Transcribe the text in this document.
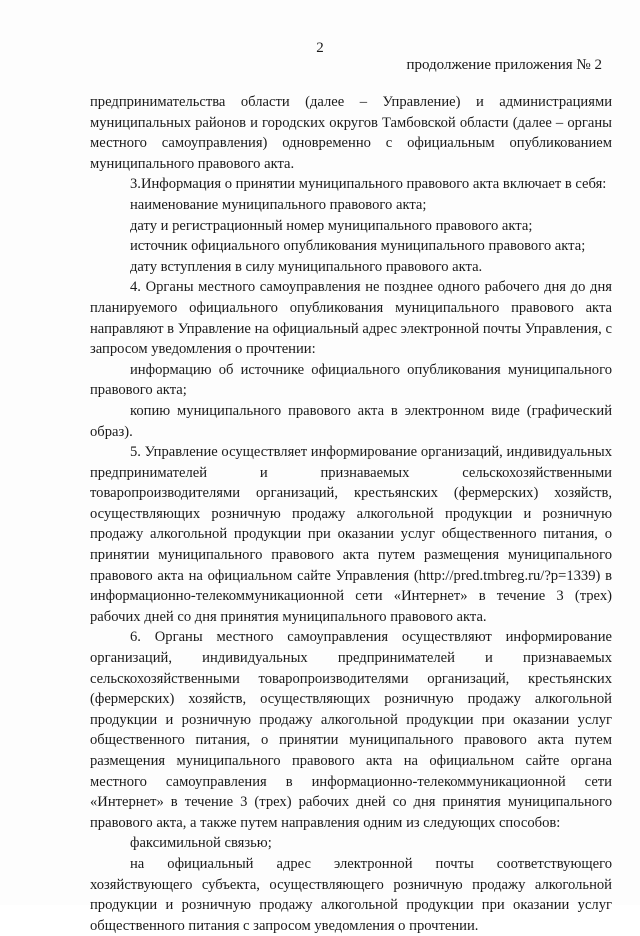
2
продолжение приложения № 2

предпринимательства области (далее – Управление) и администрациями муниципальных районов и городских округов Тамбовской области (далее – органы местного самоуправления) одновременно с официальным опубликованием муниципального правового акта.

3.Информация о принятии муниципального правового акта включает в себя:

наименование муниципального правового акта;

дату и регистрационный номер муниципального правового акта;

источник официального опубликования муниципального правового акта;

дату вступления в силу муниципального правового акта.

4. Органы местного самоуправления не позднее одного рабочего дня до дня планируемого официального опубликования муниципального правового акта направляют в Управление на официальный адрес электронной почты Управления, с запросом уведомления о прочтении:

информацию об источнике официального опубликования муниципального правового акта;

копию муниципального правового акта в электронном виде (графический образ).

5. Управление осуществляет информирование организаций, индивидуальных предпринимателей и признаваемых сельскохозяйственными товаропроизводителями организаций, крестьянских (фермерских) хозяйств, осуществляющих розничную продажу алкогольной продукции и розничную продажу алкогольной продукции при оказании услуг общественного питания, о принятии муниципального правового акта путем размещения муниципального правового акта на официальном сайте Управления (http://pred.tmbreg.ru/?p=1339) в информационно-телекоммуникационной сети «Интернет» в течение 3 (трех) рабочих дней со дня принятия муниципального правового акта.

6. Органы местного самоуправления осуществляют информирование организаций, индивидуальных предпринимателей и признаваемых сельскохозяйственными товаропроизводителями организаций, крестьянских (фермерских) хозяйств, осуществляющих розничную продажу алкогольной продукции и розничную продажу алкогольной продукции при оказании услуг общественного питания, о принятии муниципального правового акта путем размещения муниципального правового акта на официальном сайте органа местного самоуправления в информационно-телекоммуникационной сети «Интернет» в течение 3 (трех) рабочих дней со дня принятия муниципального правового акта, а также путем направления одним из следующих способов:

факсимильной связью;

на официальный адрес электронной почты соответствующего хозяйствующего субъекта, осуществляющего розничную продажу алкогольной продукции и розничную продажу алкогольной продукции при оказании услуг общественного питания с запросом уведомления о прочтении.
